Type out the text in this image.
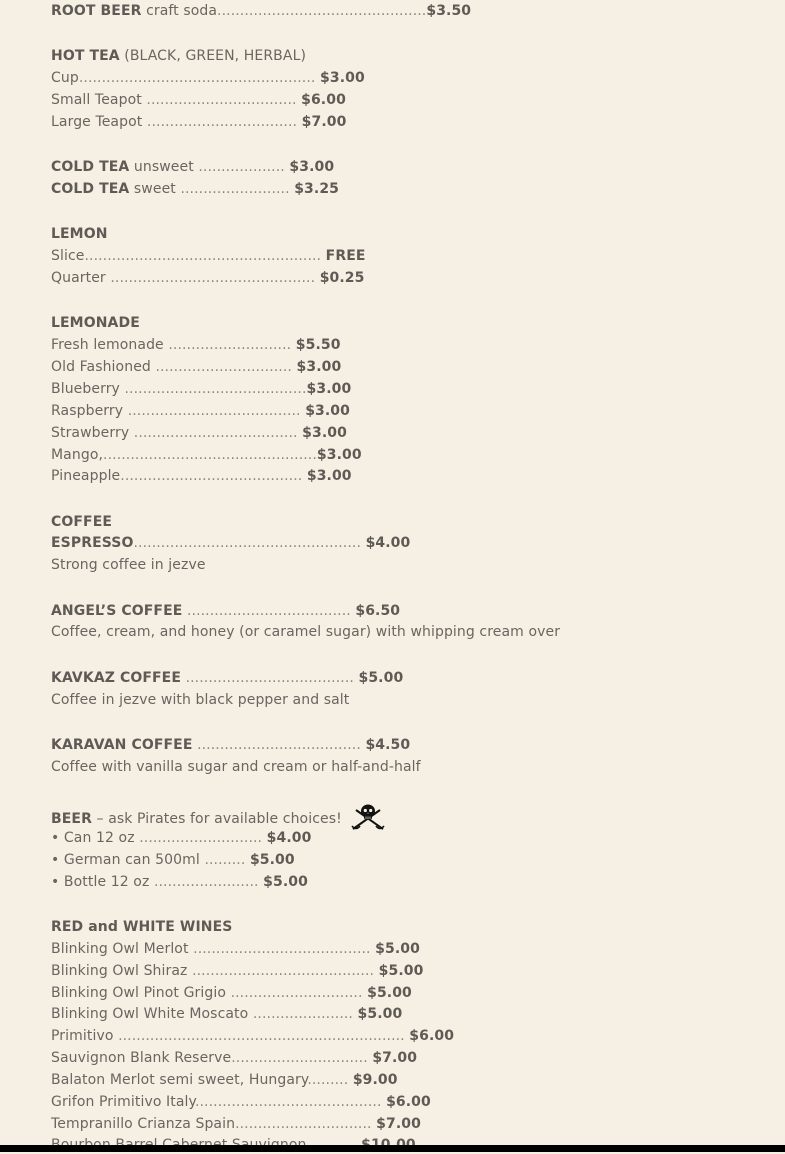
ROOT BEER craft soda..............................................$3.50
HOT TEA (BLACK, GREEN, HERBAL)
Cup.................................................... $3.00
Small Teapot ................................. $6.00
Large Teapot ................................. $7.00
COLD TEA unsweet ................... $3.00
COLD TEA sweet ........................ $3.25
LEMON
Slice.................................................... FREE
Quarter ............................................. $0.25
LEMONADE
Fresh lemonade ........................... $5.50
Old Fashioned .............................. $3.00
Blueberry ........................................$3.00
Raspberry ...................................... $3.00
Strawberry .................................... $3.00
Mango,...............................................$3.00
Pineapple........................................ $3.00
COFFEE
ESPRESSO.................................................. $4.00
Strong coffee in jezve
ANGEL’S COFFEE .................................... $6.50
Coffee, cream, and honey (or caramel sugar) with whipping cream over
KAVKAZ COFFEE ..................................... $5.00
Coffee in jezve with black pepper and salt
KARAVAN COFFEE .................................... $4.50
Coffee with vanilla sugar and cream or half-and-half
BEER – ask Pirates for available choices!
• Can 12 oz ........................... $4.00
• German can 500ml ......... $5.00
• Bottle 12 oz ....................... $5.00
RED and WHITE WINES
Blinking Owl Merlot ....................................... $5.00
Blinking Owl Shiraz ........................................ $5.00
Blinking Owl Pinot Grigio ............................. $5.00
Blinking Owl White Moscato ...................... $5.00
Primitivo ............................................................... $6.00
Sauvignon Blank Reserve.............................. $7.00
Balaton Merlot semi sweet, Hungary......... $9.00
Grifon Primitivo Italy......................................... $6.00
Tempranillo Crianza Spain.............................. $7.00
